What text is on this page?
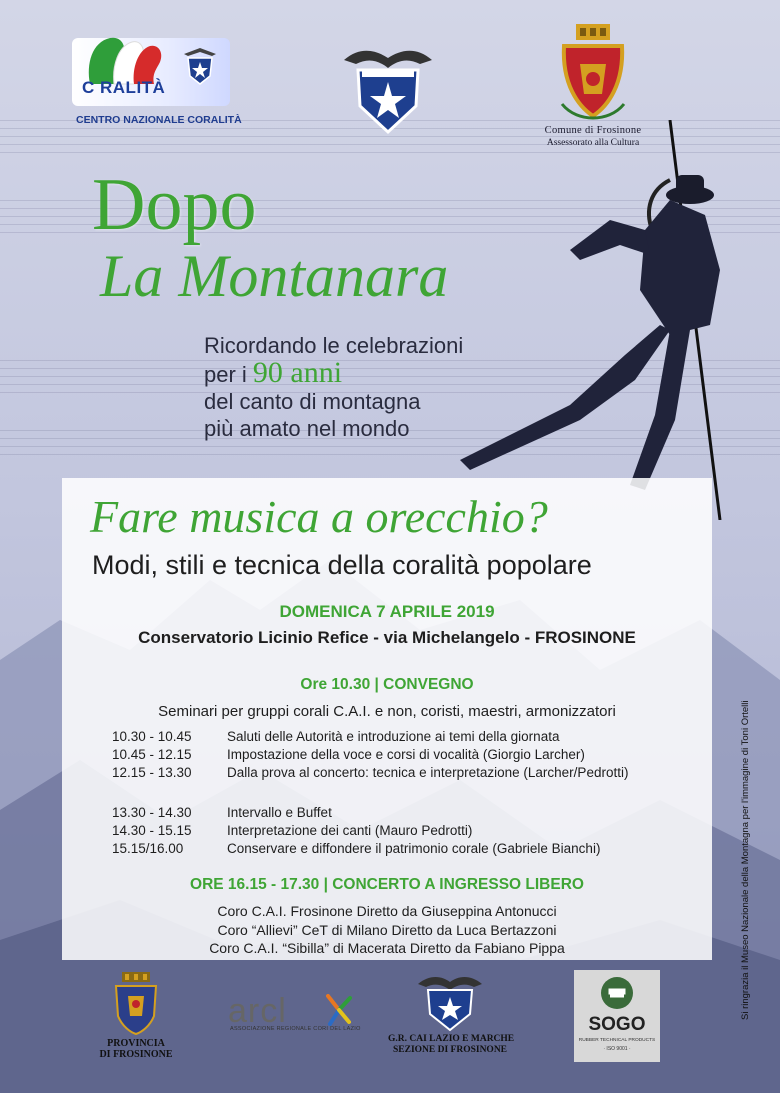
C RALITÀ
CENTRO NAZIONALE CORALITÀ
Comune di Frosinone
Assessorato alla Cultura
Dopo
La Montanara
Ricordando le celebrazioni
per i 90 anni
del canto di montagna
più amato nel mondo
Fare musica a orecchio?
Modi, stili e tecnica della coralità popolare
DOMENICA 7 APRILE 2019
Conservatorio Licinio Refice - via Michelangelo - FROSINONE
Ore 10.30 | CONVEGNO
Seminari per gruppi corali C.A.I. e non, coristi, maestri, armonizzatori
10.30 - 10.45	Saluti delle Autorità e introduzione ai temi della giornata
10.45 - 12.15	Impostazione della voce e corsi di vocalità (Giorgio Larcher)
12.15 - 13.30	Dalla prova al concerto: tecnica e interpretazione (Larcher/Pedrotti)
13.30 - 14.30	Intervallo e Buffet
14.30 - 15.15	Interpretazione dei canti (Mauro Pedrotti)
15.15/16.00	Conservare e diffondere il patrimonio corale (Gabriele Bianchi)
ORE 16.15 - 17.30 | CONCERTO A INGRESSO LIBERO
Coro C.A.I. Frosinone Diretto da Giuseppina Antonucci
Coro “Allievi” CeT di Milano Diretto da Luca Bertazzoni
Coro C.A.I. “Sibilla” di Macerata Diretto da Fabiano Pippa	Si ringrazia il Museo Nazionale della Montagna per l'immagine di Toni Ortelli
PROVINCIA
DI FROSINONE
arcl
ASSOCIAZIONE REGIONALE CORI DEL LAZIO
G.R. CAI LAZIO E MARCHE
SEZIONE DI FROSINONE
SOGO
RUBBER TECHNICAL PRODUCTS
· ISO 9001 ·
